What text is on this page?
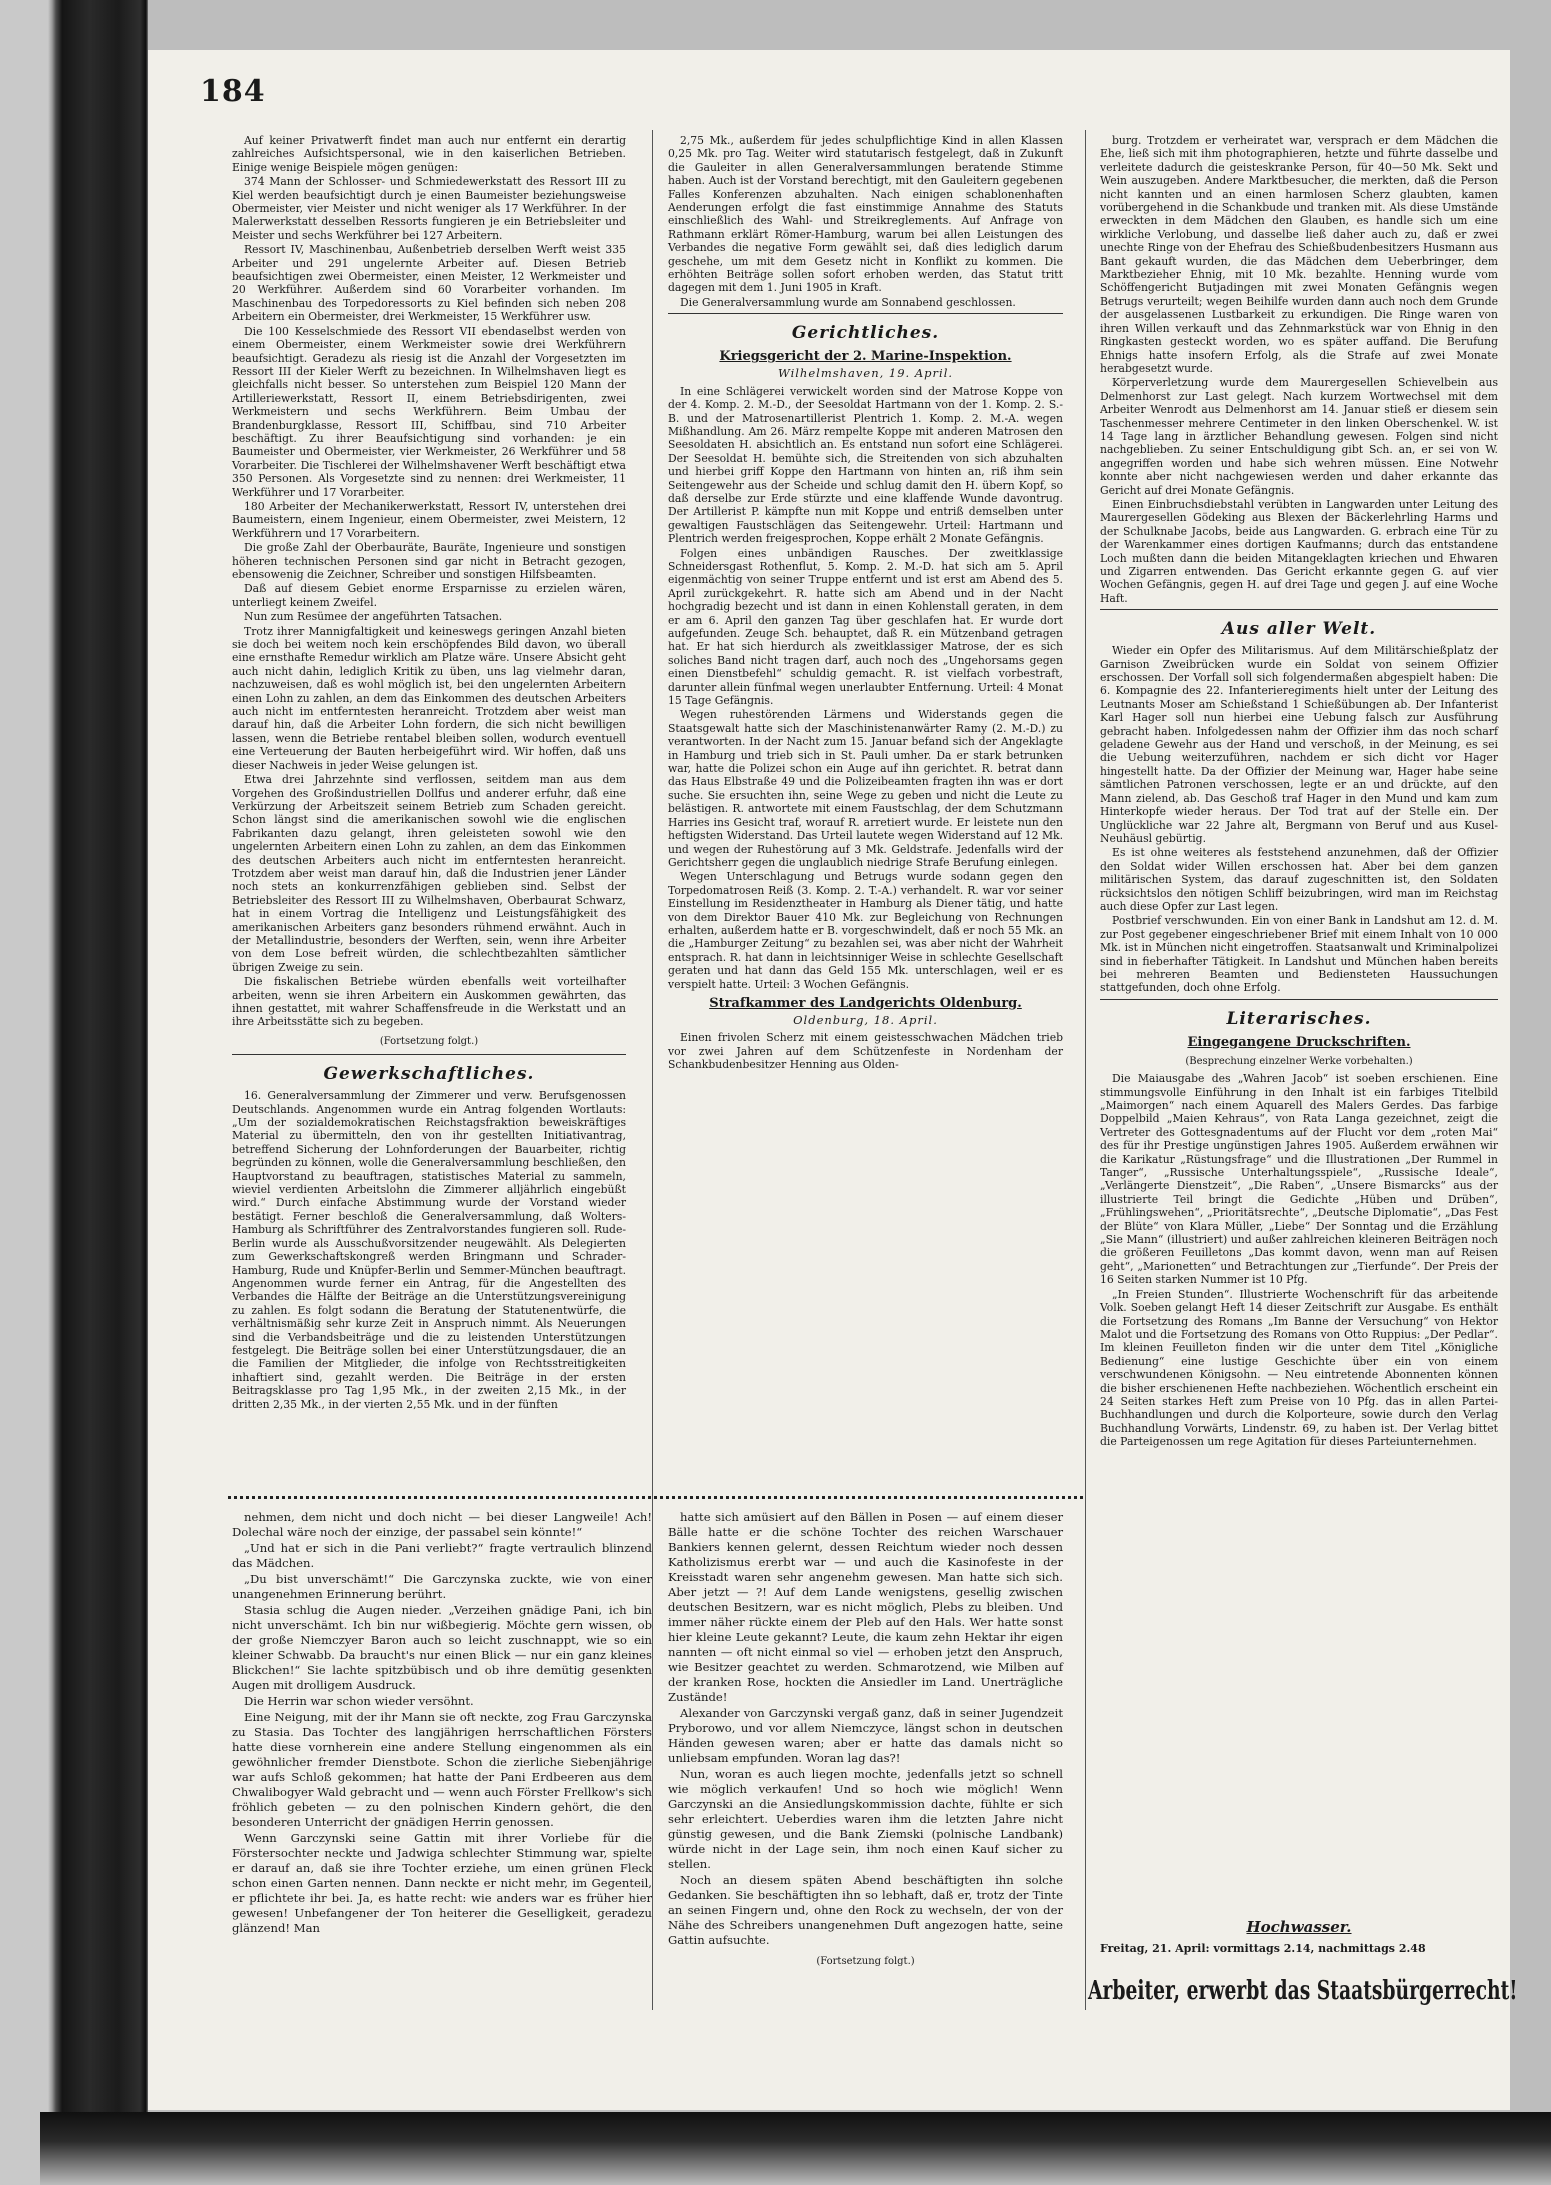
184

Auf keiner Privatwerft findet man auch nur entfernt ein derartig zahlreiches Aufsichtspersonal, wie in den kaiserlichen Betrieben. Einige wenige Beispiele mögen genügen:

374 Mann der Schlosser- und Schmiedewerkstatt des Ressort III zu Kiel werden beaufsichtigt durch je einen Baumeister beziehungsweise Obermeister, vier Meister und nicht weniger als 17 Werkführer. In der Malerwerkstatt desselben Ressorts fungieren je ein Betriebsleiter und Meister und sechs Werkführer bei 127 Arbeitern.

Ressort IV, Maschinenbau, Außenbetrieb derselben Werft weist 335 Arbeiter und 291 ungelernte Arbeiter auf. Diesen Betrieb beaufsichtigen zwei Obermeister, einen Meister, 12 Werkmeister und 20 Werkführer. Außerdem sind 60 Vorarbeiter vorhanden. Im Maschinenbau des Torpedoressorts zu Kiel befinden sich neben 208 Arbeitern ein Obermeister, drei Werkmeister, 15 Werkführer usw.

Die 100 Kesselschmiede des Ressort VII ebendaselbst werden von einem Obermeister, einem Werkmeister sowie drei Werkführern beaufsichtigt. Geradezu als riesig ist die Anzahl der Vorgesetzten im Ressort III der Kieler Werft zu bezeichnen. In Wilhelmshaven liegt es gleichfalls nicht besser. So unterstehen zum Beispiel 120 Mann der Artilleriewerkstatt, Ressort II, einem Betriebsdirigenten, zwei Werkmeistern und sechs Werkführern. Beim Umbau der Brandenburgklasse, Ressort III, Schiffbau, sind 710 Arbeiter beschäftigt. Zu ihrer Beaufsichtigung sind vorhanden: je ein Baumeister und Obermeister, vier Werkmeister, 26 Werkführer und 58 Vorarbeiter. Die Tischlerei der Wilhelmshavener Werft beschäftigt etwa 350 Personen. Als Vorgesetzte sind zu nennen: drei Werkmeister, 11 Werkführer und 17 Vorarbeiter.

180 Arbeiter der Mechanikerwerkstatt, Ressort IV, unterstehen drei Baumeistern, einem Ingenieur, einem Obermeister, zwei Meistern, 12 Werkführern und 17 Vorarbeitern.

Die große Zahl der Oberbauräte, Bauräte, Ingenieure und sonstigen höheren technischen Personen sind gar nicht in Betracht gezogen, ebensowenig die Zeichner, Schreiber und sonstigen Hilfsbeamten.

Daß auf diesem Gebiet enorme Ersparnisse zu erzielen wären, unterliegt keinem Zweifel.

Nun zum Resümee der angeführten Tatsachen.

Trotz ihrer Mannigfaltigkeit und keineswegs geringen Anzahl bieten sie doch bei weitem noch kein erschöpfendes Bild davon, wo überall eine ernsthafte Remedur wirklich am Platze wäre. Unsere Absicht geht auch nicht dahin, lediglich Kritik zu üben, uns lag vielmehr daran, nachzuweisen, daß es wohl möglich ist, bei den ungelernten Arbeitern einen Lohn zu zahlen, an dem das Einkommen des deutschen Arbeiters auch nicht im entferntesten heranreicht. Trotzdem aber weist man darauf hin, daß die Arbeiter Lohn fordern, die sich nicht bewilligen lassen, wenn die Betriebe rentabel bleiben sollen, wodurch eventuell eine Verteuerung der Bauten herbeigeführt wird. Wir hoffen, daß uns dieser Nachweis in jeder Weise gelungen ist.

Etwa drei Jahrzehnte sind verflossen, seitdem man aus dem Vorgehen des Großindustriellen Dollfus und anderer erfuhr, daß eine Verkürzung der Arbeitszeit seinem Betrieb zum Schaden gereicht. Schon längst sind die amerikanischen sowohl wie die englischen Fabrikanten dazu gelangt, ihren geleisteten sowohl wie den ungelernten Arbeitern einen Lohn zu zahlen, an dem das Einkommen des deutschen Arbeiters auch nicht im entferntesten heranreicht. Trotzdem aber weist man darauf hin, daß die Industrien jener Länder noch stets an konkurrenzfähigen geblieben sind. Selbst der Betriebsleiter des Ressort III zu Wilhelmshaven, Oberbaurat Schwarz, hat in einem Vortrag die Intelligenz und Leistungsfähigkeit des amerikanischen Arbeiters ganz besonders rühmend erwähnt. Auch in der Metallindustrie, besonders der Werften, sein, wenn ihre Arbeiter von dem Lose befreit würden, die schlechtbezahlten sämtlicher übrigen Zweige zu sein.

Die fiskalischen Betriebe würden ebenfalls weit vorteilhafter arbeiten, wenn sie ihren Arbeitern ein Auskommen gewährten, das ihnen gestattet, mit wahrer Schaffensfreude in die Werkstatt und an ihre Arbeitsstätte sich zu begeben.

(Fortsetzung folgt.)
Gewerkschaftliches.

16. Generalversammlung der Zimmerer und verw. Berufsgenossen Deutschlands. Angenommen wurde ein Antrag folgenden Wortlauts: „Um der sozialdemokratischen Reichstagsfraktion beweiskräftiges Material zu übermitteln, den von ihr gestellten Initiativantrag, betreffend Sicherung der Lohnforderungen der Bauarbeiter, richtig begründen zu können, wolle die Generalversammlung beschließen, den Hauptvorstand zu beauftragen, statistisches Material zu sammeln, wieviel verdienten Arbeitslohn die Zimmerer alljährlich eingebüßt wird.“ Durch einfache Abstimmung wurde der Vorstand wieder bestätigt. Ferner beschloß die Generalversammlung, daß Wolters-Hamburg als Schriftführer des Zentralvorstandes fungieren soll. Rude-Berlin wurde als Ausschußvorsitzender neugewählt. Als Delegierten zum Gewerkschaftskongreß werden Bringmann und Schrader-Hamburg, Rude und Knüpfer-Berlin und Semmer-München beauftragt. Angenommen wurde ferner ein Antrag, für die Angestellten des Verbandes die Hälfte der Beiträge an die Unterstützungsvereinigung zu zahlen. Es folgt sodann die Beratung der Statutenentwürfe, die verhältnismäßig sehr kurze Zeit in Anspruch nimmt. Als Neuerungen sind die Verbandsbeiträge und die zu leistenden Unterstützungen festgelegt. Die Beiträge sollen bei einer Unterstützungsdauer, die an die Familien der Mitglieder, die infolge von Rechtsstreitigkeiten inhaftiert sind, gezahlt werden. Die Beiträge in der ersten Beitragsklasse pro Tag 1,95 Mk., in der zweiten 2,15 Mk., in der dritten 2,35 Mk., in der vierten 2,55 Mk. und in der fünften

2,75 Mk., außerdem für jedes schulpflichtige Kind in allen Klassen 0,25 Mk. pro Tag. Weiter wird statutarisch festgelegt, daß in Zukunft die Gauleiter in allen Generalversammlungen beratende Stimme haben. Auch ist der Vorstand berechtigt, mit den Gauleitern gegebenen Falles Konferenzen abzuhalten. Nach einigen schablonenhaften Aenderungen erfolgt die fast einstimmige Annahme des Statuts einschließlich des Wahl- und Streikreglements. Auf Anfrage von Rathmann erklärt Römer-Hamburg, warum bei allen Leistungen des Verbandes die negative Form gewählt sei, daß dies lediglich darum geschehe, um mit dem Gesetz nicht in Konflikt zu kommen. Die erhöhten Beiträge sollen sofort erhoben werden, das Statut tritt dagegen mit dem 1. Juni 1905 in Kraft.

Die Generalversammlung wurde am Sonnabend geschlossen.

Gerichtliches.
Kriegsgericht der 2. Marine-Inspektion.
Wilhelmshaven, 19. April.

In eine Schlägerei verwickelt worden sind der Matrose Koppe von der 4. Komp. 2. M.-D., der Seesoldat Hartmann von der 1. Komp. 2. S.-B. und der Matrosenartillerist Plentrich 1. Komp. 2. M.-A. wegen Mißhandlung. Am 26. März rempelte Koppe mit anderen Matrosen den Seesoldaten H. absichtlich an. Es entstand nun sofort eine Schlägerei. Der Seesoldat H. bemühte sich, die Streitenden von sich abzuhalten und hierbei griff Koppe den Hartmann von hinten an, riß ihm sein Seitengewehr aus der Scheide und schlug damit den H. übern Kopf, so daß derselbe zur Erde stürzte und eine klaffende Wunde davontrug. Der Artillerist P. kämpfte nun mit Koppe und entriß demselben unter gewaltigen Faustschlägen das Seitengewehr. Urteil: Hartmann und Plentrich werden freigesprochen, Koppe erhält 2 Monate Gefängnis.

Folgen eines unbändigen Rausches. Der zweitklassige Schneidersgast Rothenflut, 5. Komp. 2. M.-D. hat sich am 5. April eigenmächtig von seiner Truppe entfernt und ist erst am Abend des 5. April zurückgekehrt. R. hatte sich am Abend und in der Nacht hochgradig bezecht und ist dann in einen Kohlenstall geraten, in dem er am 6. April den ganzen Tag über geschlafen hat. Er wurde dort aufgefunden. Zeuge Sch. behauptet, daß R. ein Mützenband getragen hat. Er hat sich hierdurch als zweitklassiger Matrose, der es sich soliches Band nicht tragen darf, auch noch des „Ungehorsams gegen einen Dienstbefehl“ schuldig gemacht. R. ist vielfach vorbestraft, darunter allein fünfmal wegen unerlaubter Entfernung. Urteil: 4 Monat 15 Tage Gefängnis.

Wegen ruhestörenden Lärmens und Widerstands gegen die Staatsgewalt hatte sich der Maschinistenanwärter Ramy (2. M.-D.) zu verantworten. In der Nacht zum 15. Januar befand sich der Angeklagte in Hamburg und trieb sich in St. Pauli umher. Da er stark betrunken war, hatte die Polizei schon ein Auge auf ihn gerichtet. R. betrat dann das Haus Elbstraße 49 und die Polizeibeamten fragten ihn was er dort suche. Sie ersuchten ihn, seine Wege zu geben und nicht die Leute zu belästigen. R. antwortete mit einem Faustschlag, der dem Schutzmann Harries ins Gesicht traf, worauf R. arretiert wurde. Er leistete nun den heftigsten Widerstand. Das Urteil lautete wegen Widerstand auf 12 Mk. und wegen der Ruhestörung auf 3 Mk. Geldstrafe. Jedenfalls wird der Gerichtsherr gegen die unglaublich niedrige Strafe Berufung einlegen.

Wegen Unterschlagung und Betrugs wurde sodann gegen den Torpedomatrosen Reiß (3. Komp. 2. T.-A.) verhandelt. R. war vor seiner Einstellung im Residenztheater in Hamburg als Diener tätig, und hatte von dem Direktor Bauer 410 Mk. zur Begleichung von Rechnungen erhalten, außerdem hatte er B. vorgeschwindelt, daß er noch 55 Mk. an die „Hamburger Zeitung“ zu bezahlen sei, was aber nicht der Wahrheit entsprach. R. hat dann in leichtsinniger Weise in schlechte Gesellschaft geraten und hat dann das Geld 155 Mk. unterschlagen, weil er es verspielt hatte. Urteil: 3 Wochen Gefängnis.

Strafkammer des Landgerichts Oldenburg.
Oldenburg, 18. April.

Einen frivolen Scherz mit einem geistesschwachen Mädchen trieb vor zwei Jahren auf dem Schützenfeste in Nordenham der Schankbudenbesitzer Henning aus Olden-

burg. Trotzdem er verheiratet war, versprach er dem Mädchen die Ehe, ließ sich mit ihm photographieren, hetzte und führte dasselbe und verleitete dadurch die geisteskranke Person, für 40—50 Mk. Sekt und Wein auszugeben. Andere Marktbesucher, die merkten, daß die Person nicht kannten und an einen harmlosen Scherz glaubten, kamen vorübergehend in die Schankbude und tranken mit. Als diese Umstände erweckten in dem Mädchen den Glauben, es handle sich um eine wirkliche Verlobung, und dasselbe ließ daher auch zu, daß er zwei unechte Ringe von der Ehefrau des Schießbudenbesitzers Husmann aus Bant gekauft wurden, die das Mädchen dem Ueberbringer, dem Marktbezieher Ehnig, mit 10 Mk. bezahlte. Henning wurde vom Schöffengericht Butjadingen mit zwei Monaten Gefängnis wegen Betrugs verurteilt; wegen Beihilfe wurden dann auch noch dem Grunde der ausgelassenen Lustbarkeit zu erkundigen. Die Ringe waren von ihren Willen verkauft und das Zehnmarkstück war von Ehnig in den Ringkasten gesteckt worden, wo es später auffand. Die Berufung Ehnigs hatte insofern Erfolg, als die Strafe auf zwei Monate herabgesetzt wurde.

Körperverletzung wurde dem Maurergesellen Schievelbein aus Delmenhorst zur Last gelegt. Nach kurzem Wortwechsel mit dem Arbeiter Wenrodt aus Delmenhorst am 14. Januar stieß er diesem sein Taschenmesser mehrere Centimeter in den linken Oberschenkel. W. ist 14 Tage lang in ärztlicher Behandlung gewesen. Folgen sind nicht nachgeblieben. Zu seiner Entschuldigung gibt Sch. an, er sei von W. angegriffen worden und habe sich wehren müssen. Eine Notwehr konnte aber nicht nachgewiesen werden und daher erkannte das Gericht auf drei Monate Gefängnis.

Einen Einbruchsdiebstahl verübten in Langwarden unter Leitung des Maurergesellen Gödeking aus Blexen der Bäckerlehrling Harms und der Schulknabe Jacobs, beide aus Langwarden. G. erbrach eine Tür zu der Warenkammer eines dortigen Kaufmanns; durch das entstandene Loch mußten dann die beiden Mitangeklagten kriechen und Ehwaren und Zigarren entwenden. Das Gericht erkannte gegen G. auf vier Wochen Gefängnis, gegen H. auf drei Tage und gegen J. auf eine Woche Haft.

Aus aller Welt.

Wieder ein Opfer des Militarismus. Auf dem Militärschießplatz der Garnison Zweibrücken wurde ein Soldat von seinem Offizier erschossen. Der Vorfall soll sich folgendermaßen abgespielt haben: Die 6. Kompagnie des 22. Infanterieregiments hielt unter der Leitung des Leutnants Moser am Schießstand 1 Schießübungen ab. Der Infanterist Karl Hager soll nun hierbei eine Uebung falsch zur Ausführung gebracht haben. Infolgedessen nahm der Offizier ihm das noch scharf geladene Gewehr aus der Hand und verschoß, in der Meinung, es sei die Uebung weiterzuführen, nachdem er sich dicht vor Hager hingestellt hatte. Da der Offizier der Meinung war, Hager habe seine sämtlichen Patronen verschossen, legte er an und drückte, auf den Mann zielend, ab. Das Geschoß traf Hager in den Mund und kam zum Hinterkopfe wieder heraus. Der Tod trat auf der Stelle ein. Der Unglückliche war 22 Jahre alt, Bergmann von Beruf und aus Kusel-Neuhäusl gebürtig.

Es ist ohne weiteres als feststehend anzunehmen, daß der Offizier den Soldat wider Willen erschossen hat. Aber bei dem ganzen militärischen System, das darauf zugeschnitten ist, den Soldaten rücksichtslos den nötigen Schliff beizubringen, wird man im Reichstag auch diese Opfer zur Last legen.

Postbrief verschwunden. Ein von einer Bank in Landshut am 12. d. M. zur Post gegebener eingeschriebener Brief mit einem Inhalt von 10 000 Mk. ist in München nicht eingetroffen. Staatsanwalt und Kriminalpolizei sind in fieberhafter Tätigkeit. In Landshut und München haben bereits bei mehreren Beamten und Bediensteten Haussuchungen stattgefunden, doch ohne Erfolg.

Literarisches.
Eingegangene Druckschriften.
(Besprechung einzelner Werke vorbehalten.)

Die Maiausgabe des „Wahren Jacob“ ist soeben erschienen. Eine stimmungsvolle Einführung in den Inhalt ist ein farbiges Titelbild „Maimorgen“ nach einem Aquarell des Malers Gerdes. Das farbige Doppelbild „Maien Kehraus“, von Rata Langa gezeichnet, zeigt die Vertreter des Gottesgnadentums auf der Flucht vor dem „roten Mai“ des für ihr Prestige ungünstigen Jahres 1905. Außerdem erwähnen wir die Karikatur „Rüstungsfrage“ und die Illustrationen „Der Rummel in Tanger“, „Russische Unterhaltungsspiele“, „Russische Ideale“, „Verlängerte Dienstzeit“, „Die Raben“, „Unsere Bismarcks“ aus der illustrierte Teil bringt die Gedichte „Hüben und Drüben“, „Frühlingswehen“, „Prioritätsrechte“, „Deutsche Diplomatie“, „Das Fest der Blüte“ von Klara Müller, „Liebe“ Der Sonntag und die Erzählung „Sie Mann“ (illustriert) und außer zahlreichen kleineren Beiträgen noch die größeren Feuilletons „Das kommt davon, wenn man auf Reisen geht“, „Marionetten“ und Betrachtungen zur „Tierfunde“. Der Preis der 16 Seiten starken Nummer ist 10 Pfg.

„In Freien Stunden“. Illustrierte Wochenschrift für das arbeitende Volk. Soeben gelangt Heft 14 dieser Zeitschrift zur Ausgabe. Es enthält die Fortsetzung des Romans „Im Banne der Versuchung“ von Hektor Malot und die Fortsetzung des Romans von Otto Ruppius: „Der Pedlar“. Im kleinen Feuilleton finden wir die unter dem Titel „Königliche Bedienung“ eine lustige Geschichte über ein von einem verschwundenen Königsohn. — Neu eintretende Abonnenten können die bisher erschienenen Hefte nachbeziehen. Wöchentlich erscheint ein 24 Seiten starkes Heft zum Preise von 10 Pfg. das in allen Partei-Buchhandlungen und durch die Kolporteure, sowie durch den Verlag Buchhandlung Vorwärts, Lindenstr. 69, zu haben ist. Der Verlag bittet die Parteigenossen um rege Agitation für dieses Parteiunternehmen.

nehmen, dem nicht und doch nicht — bei dieser Langweile! Ach! Dolechal wäre noch der einzige, der passabel sein könnte!“

„Und hat er sich in die Pani verliebt?“ fragte vertraulich blinzend das Mädchen.

„Du bist unverschämt!“ Die Garczynska zuckte, wie von einer unangenehmen Erinnerung berührt.

Stasia schlug die Augen nieder. „Verzeihen gnädige Pani, ich bin nicht unverschämt. Ich bin nur wißbegierig. Möchte gern wissen, ob der große Niemczyer Baron auch so leicht zuschnappt, wie so ein kleiner Schwabb. Da braucht's nur einen Blick — nur ein ganz kleines Blickchen!“ Sie lachte spitzbübisch und ob ihre demütig gesenkten Augen mit drolligem Ausdruck.

Die Herrin war schon wieder versöhnt.

Eine Neigung, mit der ihr Mann sie oft neckte, zog Frau Garczynska zu Stasia. Das Tochter des langjährigen herrschaftlichen Försters hatte diese vornherein eine andere Stellung eingenommen als ein gewöhnlicher fremder Dienstbote. Schon die zierliche Siebenjährige war aufs Schloß gekommen; hat hatte der Pani Erdbeeren aus dem Chwalibogyer Wald gebracht und — wenn auch Förster Frellkow's sich fröhlich gebeten — zu den polnischen Kindern gehört, die den besonderen Unterricht der gnädigen Herrin genossen.

Wenn Garczynski seine Gattin mit ihrer Vorliebe für die Förstersochter neckte und Jadwiga schlechter Stimmung war, spielte er darauf an, daß sie ihre Tochter erziehe, um einen grünen Fleck schon einen Garten nennen. Dann neckte er nicht mehr, im Gegenteil, er pflichtete ihr bei. Ja, es hatte recht: wie anders war es früher hier gewesen! Unbefangener der Ton heiterer die Geselligkeit, geradezu glänzend! Man

hatte sich amüsiert auf den Bällen in Posen — auf einem dieser Bälle hatte er die schöne Tochter des reichen Warschauer Bankiers kennen gelernt, dessen Reichtum wieder noch dessen Katholizismus ererbt war — und auch die Kasinofeste in der Kreisstadt waren sehr angenehm gewesen. Man hatte sich sich. Aber jetzt — ?! Auf dem Lande wenigstens, gesellig zwischen deutschen Besitzern, war es nicht möglich, Plebs zu bleiben. Und immer näher rückte einem der Pleb auf den Hals. Wer hatte sonst hier kleine Leute gekannt? Leute, die kaum zehn Hektar ihr eigen nannten — oft nicht einmal so viel — erhoben jetzt den Anspruch, wie Besitzer geachtet zu werden. Schmarotzend, wie Milben auf der kranken Rose, hockten die Ansiedler im Land. Unerträgliche Zustände!

Alexander von Garczynski vergaß ganz, daß in seiner Jugendzeit Pryborowo, und vor allem Niemczyce, längst schon in deutschen Händen gewesen waren; aber er hatte das damals nicht so unliebsam empfunden. Woran lag das?!

Nun, woran es auch liegen mochte, jedenfalls jetzt so schnell wie möglich verkaufen! Und so hoch wie möglich! Wenn Garczynski an die Ansiedlungskommission dachte, fühlte er sich sehr erleichtert. Ueberdies waren ihm die letzten Jahre nicht günstig gewesen, und die Bank Ziemski (polnische Landbank) würde nicht in der Lage sein, ihm noch einen Kauf sicher zu stellen.

Noch an diesem späten Abend beschäftigten ihn solche Gedanken. Sie beschäftigten ihn so lebhaft, daß er, trotz der Tinte an seinen Fingern und, ohne den Rock zu wechseln, der von der Nähe des Schreibers unangenehmen Duft angezogen hatte, seine Gattin aufsuchte.

(Fortsetzung folgt.)
Hochwasser.
Freitag, 21. April: vormittags 2.14, nachmittags 2.48
Arbeiter, erwerbt das Staatsbürgerrecht!
